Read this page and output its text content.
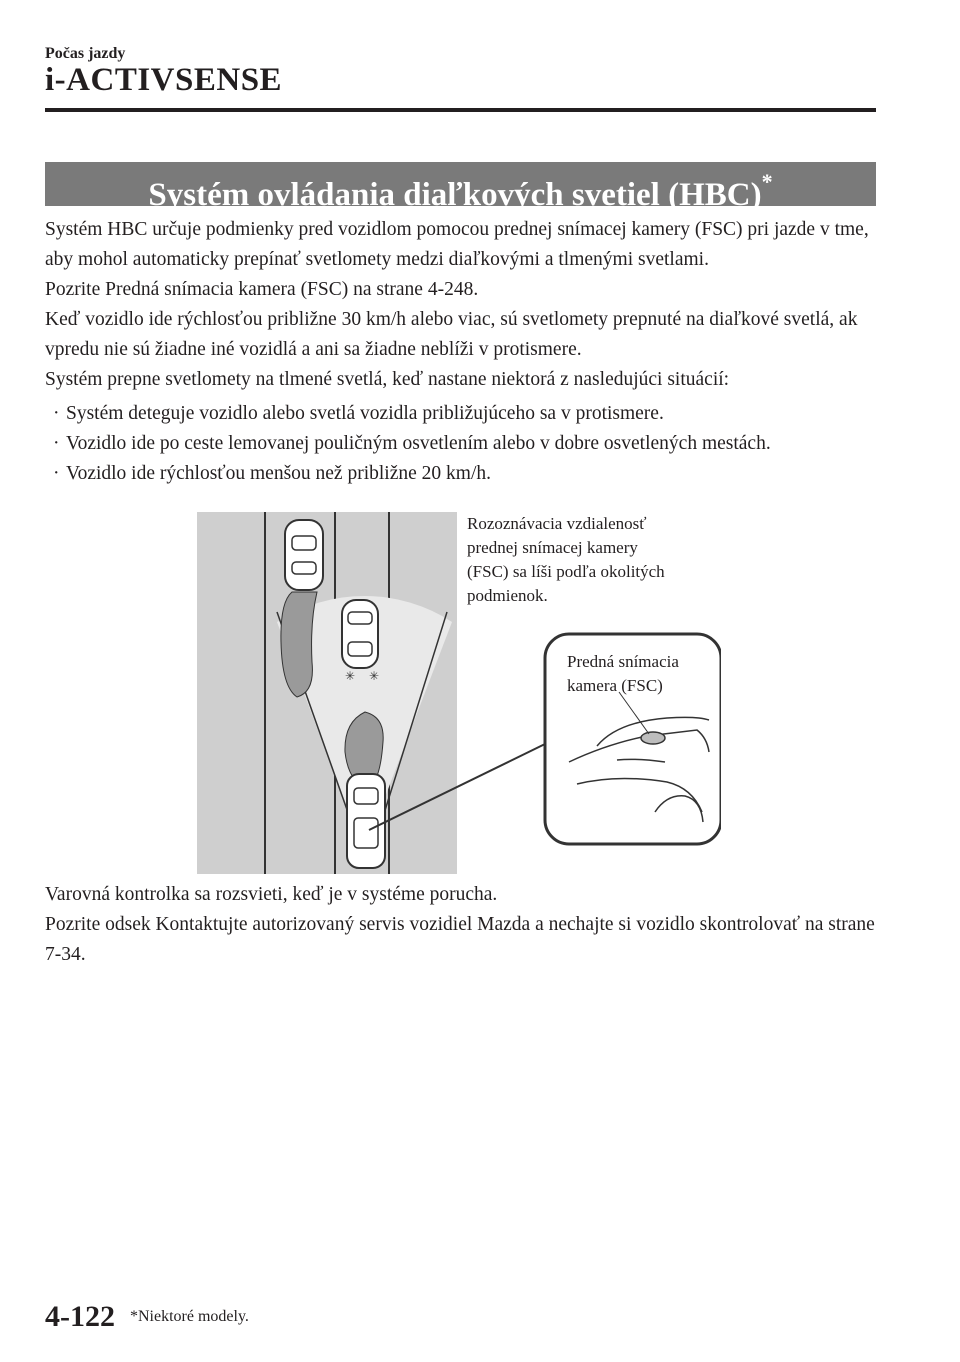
Počas jazdy
i-ACTIVSENSE
Systém ovládania diaľkových svetiel (HBC)*

Systém HBC určuje podmienky pred vozidlom pomocou prednej snímacej kamery (FSC) pri jazde v tme, aby mohol automaticky prepínať svetlomety medzi diaľkovými a tlmenými svetlami.

Pozrite Predná snímacia kamera (FSC) na strane 4-248.

Keď vozidlo ide rýchlosťou približne 30 km/h alebo viac, sú svetlomety prepnuté na diaľkové svetlá, ak vpredu nie sú žiadne iné vozidlá a ani sa žiadne neblíži v protismere.

Systém prepne svetlomety na tlmené svetlá, keď nastane niektorá z nasledujúci situácií:

· Systém deteguje vozidlo alebo svetlá vozidla približujúceho sa v protismere.
· Vozidlo ide po ceste lemovanej pouličným osvetlením alebo v dobre osvetlených mestách.
· Vozidlo ide rýchlosťou menšou než približne 20 km/h.
✳ ✳
Rozoznávacia vzdialenosť
prednej snímacej kamery
(FSC) sa líši podľa okolitých
podmienok.
Predná snímacia
kamera (FSC)

Varovná kontrolka sa rozsvieti, keď je v systéme porucha.

Pozrite odsek Kontaktujte autorizovaný servis vozidiel Mazda a nechajte si vozidlo skontrolovať na strane 7-34.

4-122 *Niektoré modely.
